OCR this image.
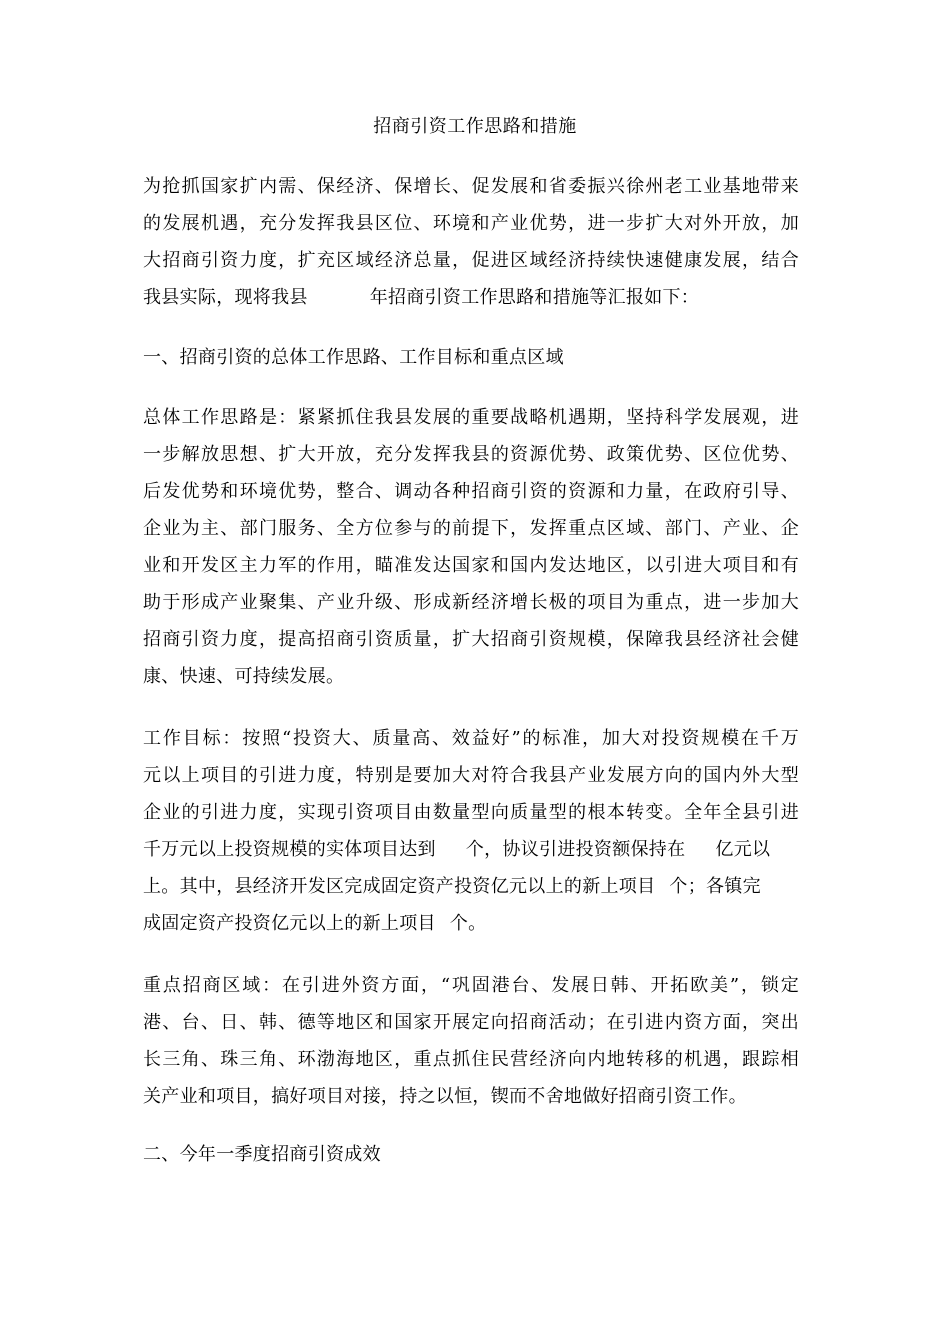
招商引资工作思路和措施
为抢抓国家扩内需、保经济、保增长、促发展和省委振兴徐州老工业基地带来
的发展机遇，充分发挥我县区位、环境和产业优势，进一步扩大对外开放，加
大招商引资力度，扩充区域经济总量，促进区域经济持续快速健康发展，结合
我县实际，现将我县	年招商引资工作思路和措施等汇报如下：
一、招商引资的总体工作思路、工作目标和重点区域
总体工作思路是：紧紧抓住我县发展的重要战略机遇期，坚持科学发展观，进
一步解放思想、扩大开放，充分发挥我县的资源优势、政策优势、区位优势、
后发优势和环境优势，整合、调动各种招商引资的资源和力量，在政府引导、
企业为主、部门服务、全方位参与的前提下，发挥重点区域、部门、产业、企
业和开发区主力军的作用，瞄准发达国家和国内发达地区，以引进大项目和有
助于形成产业聚集、产业升级、形成新经济增长极的项目为重点，进一步加大
招商引资力度，提高招商引资质量，扩大招商引资规模，保障我县经济社会健
康、快速、可持续发展。
工作目标：按照“投资大、质量高、效益好”的标准，加大对投资规模在千万
元以上项目的引进力度，特别是要加大对符合我县产业发展方向的国内外大型
企业的引进力度，实现引资项目由数量型向质量型的根本转变。全年全县引进
千万元以上投资规模的实体项目达到 个，协议引进投资额保持在 亿元以
上。其中，县经济开发区完成固定资产投资亿元以上的新上项目 个；各镇完
成固定资产投资亿元以上的新上项目 个。
重点招商区域：在引进外资方面，“巩固港台、发展日韩、开拓欧美”，锁定
港、台、日、韩、德等地区和国家开展定向招商活动；在引进内资方面，突出
长三角、珠三角、环渤海地区，重点抓住民营经济向内地转移的机遇，跟踪相
关产业和项目，搞好项目对接，持之以恒，锲而不舍地做好招商引资工作。
二、今年一季度招商引资成效
